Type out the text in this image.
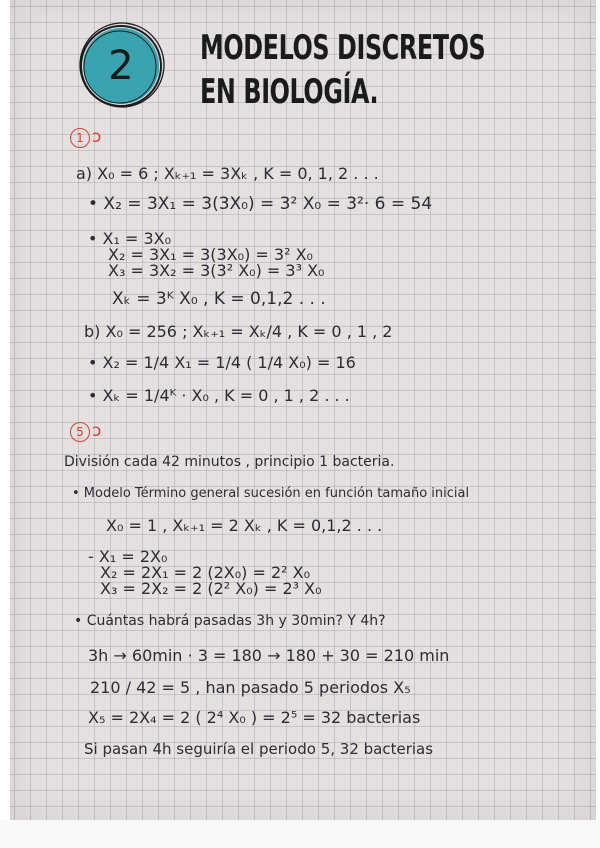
2	MODELOS DISCRETOS
EN BIOLOGÍA.
1 ↄ
a) X₀ = 6 ; Xₖ₊₁ = 3Xₖ , K = 0, 1, 2 . . .
• X₂ = 3X₁ = 3(3X₀) = 3² X₀ = 3²· 6 = 54
• X₁ = 3X₀
X₂ = 3X₁ = 3(3X₀) = 3² X₀
X₃ = 3X₂ = 3(3² X₀) = 3³ X₀
Xₖ = 3ᴷ X₀ , K = 0,1,2 . . .
b) X₀ = 256 ; Xₖ₊₁ = Xₖ/4 , K = 0 , 1 , 2
• X₂ = 1/4 X₁ = 1/4 ( 1/4 X₀) = 16
• Xₖ = 1/4ᴷ · X₀ , K = 0 , 1 , 2 . . .
5 ↄ
División cada 42 minutos , principio 1 bacteria.
• Modelo Término general sucesión en función tamaño inicial
X₀ = 1 , Xₖ₊₁ = 2 Xₖ , K = 0,1,2 . . .
- X₁ = 2X₀
X₂ = 2X₁ = 2 (2X₀) = 2² X₀
X₃ = 2X₂ = 2 (2² X₀) = 2³ X₀
• Cuántas habrá pasadas 3h y 30min? Y 4h?
3h → 60min · 3 = 180 → 180 + 30 = 210 min
210 / 42 = 5 , han pasado 5 periodos X₅
X₅ = 2X₄ = 2 ( 2⁴ X₀ ) = 2⁵ = 32 bacterias
Si pasan 4h seguiría el periodo 5, 32 bacterias
